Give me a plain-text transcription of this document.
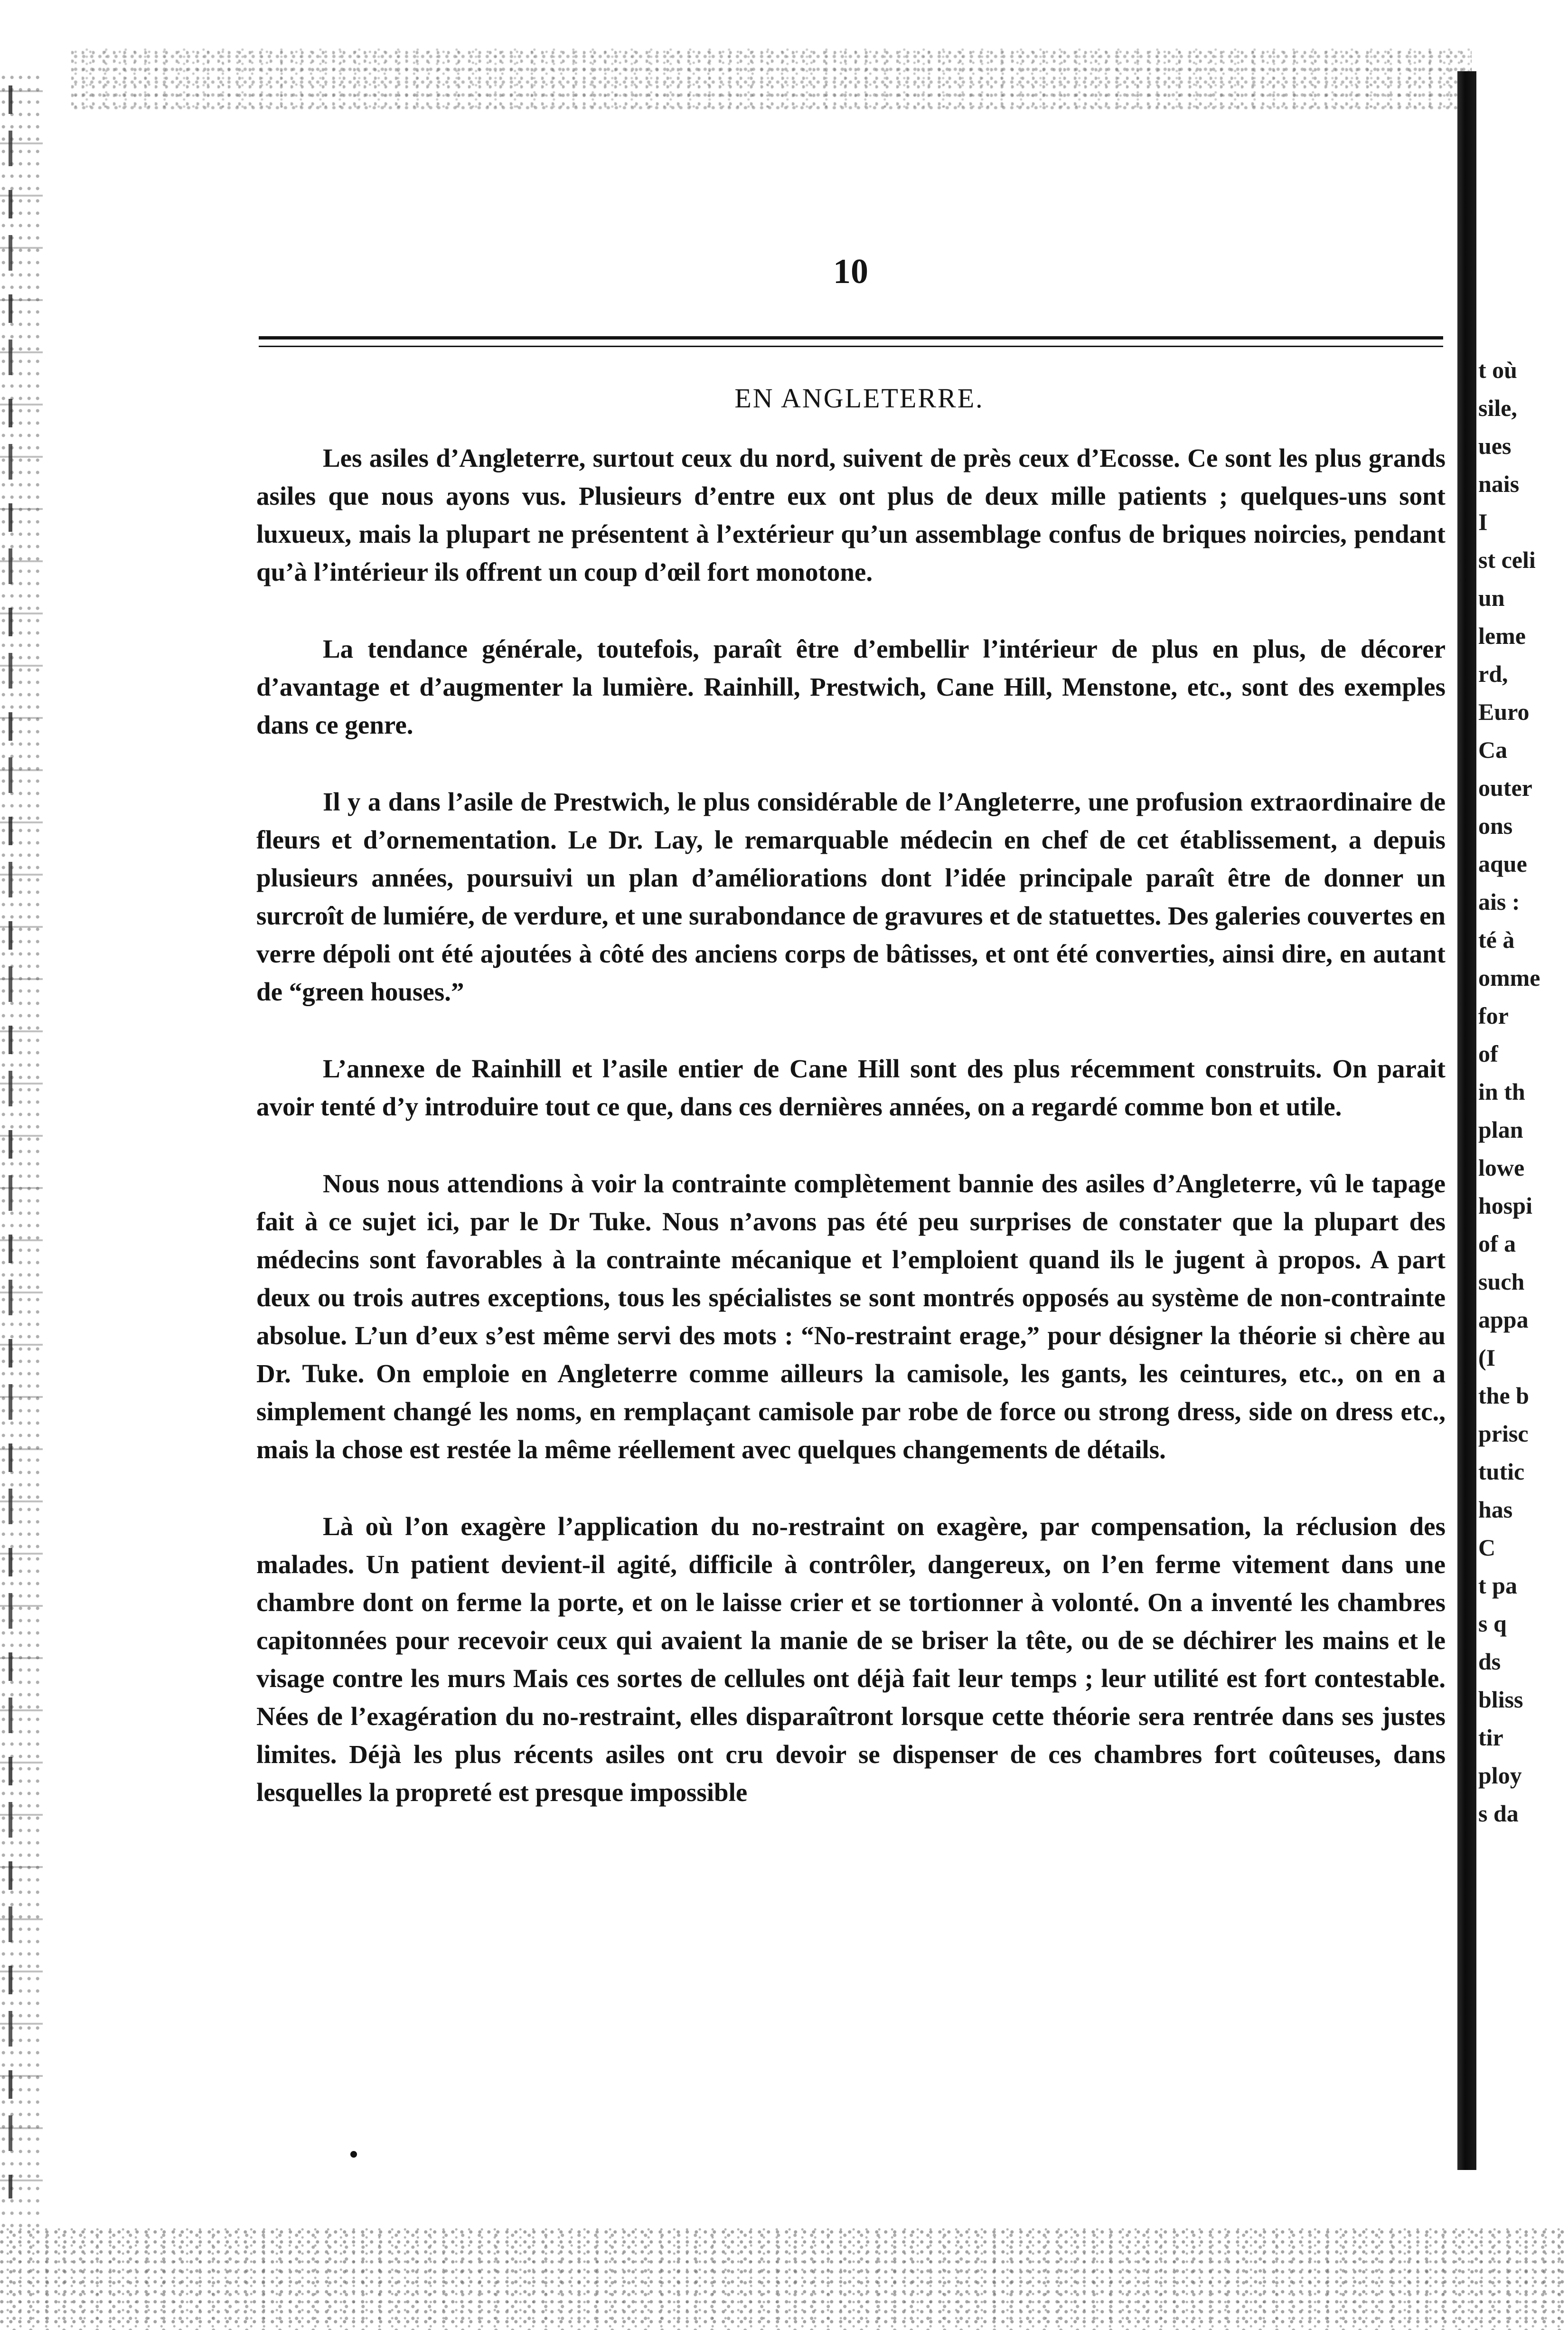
10
EN ANGLETERRE.

Les asiles d’Angleterre, surtout ceux du nord, suivent de près ceux d’Ecosse. Ce sont les plus grands asiles que nous ayons vus. Plusieurs d’entre eux ont plus de deux mille patients ; quelques-uns sont luxueux, mais la plupart ne présentent à l’extérieur qu’un assemblage confus de briques noircies, pendant qu’à l’intérieur ils offrent un coup d’œil fort monotone.

La tendance générale, toutefois, paraît être d’embellir l’intérieur de plus en plus, de décorer d’avantage et d’augmenter la lumière. Rainhill, Prestwich, Cane Hill, Menstone, etc., sont des exemples dans ce genre.

Il y a dans l’asile de Prestwich, le plus considérable de l’Angleterre, une profusion extraordinaire de fleurs et d’ornementation. Le Dr. Lay, le remarquable médecin en chef de cet établissement, a depuis plusieurs années, poursuivi un plan d’améliorations dont l’idée principale paraît être de donner un surcroît de lumiére, de verdure, et une surabondance de gravures et de statuettes. Des galeries couvertes en verre dépoli ont été ajoutées à côté des anciens corps de bâtisses, et ont été converties, ainsi dire, en autant de “green houses.”

L’annexe de Rainhill et l’asile entier de Cane Hill sont des plus récemment construits. On parait avoir tenté d’y introduire tout ce que, dans ces dernières années, on a regardé comme bon et utile.

Nous nous attendions à voir la contrainte complètement bannie des asiles d’Angleterre, vû le tapage fait à ce sujet ici, par le Dr Tuke. Nous n’avons pas été peu surprises de constater que la plupart des médecins sont favorables à la contrainte mécanique et l’emploient quand ils le jugent à propos. A part deux ou trois autres exceptions, tous les spécialistes se sont montrés opposés au système de non-contrainte absolue. L’un d’eux s’est même servi des mots : “No-restraint erage,” pour désigner la théorie si chère au Dr. Tuke. On emploie en Angleterre comme ailleurs la camisole, les gants, les ceintures, etc., on en a simplement changé les noms, en remplaçant camisole par robe de force ou strong dress, side on dress etc., mais la chose est restée la même réellement avec quelques changements de détails.

Là où l’on exagère l’application du no-restraint on exagère, par compensation, la réclusion des malades. Un patient devient-il agité, difficile à contrôler, dangereux, on l’en ferme vitement dans une chambre dont on ferme la porte, et on le laisse crier et se tortionner à volonté. On a inventé les chambres capitonnées pour recevoir ceux qui avaient la manie de se briser la tête, ou de se déchirer les mains et le visage contre les murs Mais ces sortes de cellules ont déjà fait leur temps ; leur utilité est fort contestable. Nées de l’exagération du no-restraint, elles disparaîtront lorsque cette théorie sera rentrée dans ses justes limites. Déjà les plus récents asiles ont cru devoir se dispenser de ces chambres fort coûteuses, dans lesquelles la propreté est presque impossible

t où
sile,
ues
nais
I
st celi
un
leme
rd,
Euro
Ca
outer
ons
aque
ais :
té à
omme
for
of
in th
plan
lowe
hospi
of a
such
appa
(I
the b
prisc
tutic
has
C
t pa
s q
ds
bliss
tir
ploy
s da
